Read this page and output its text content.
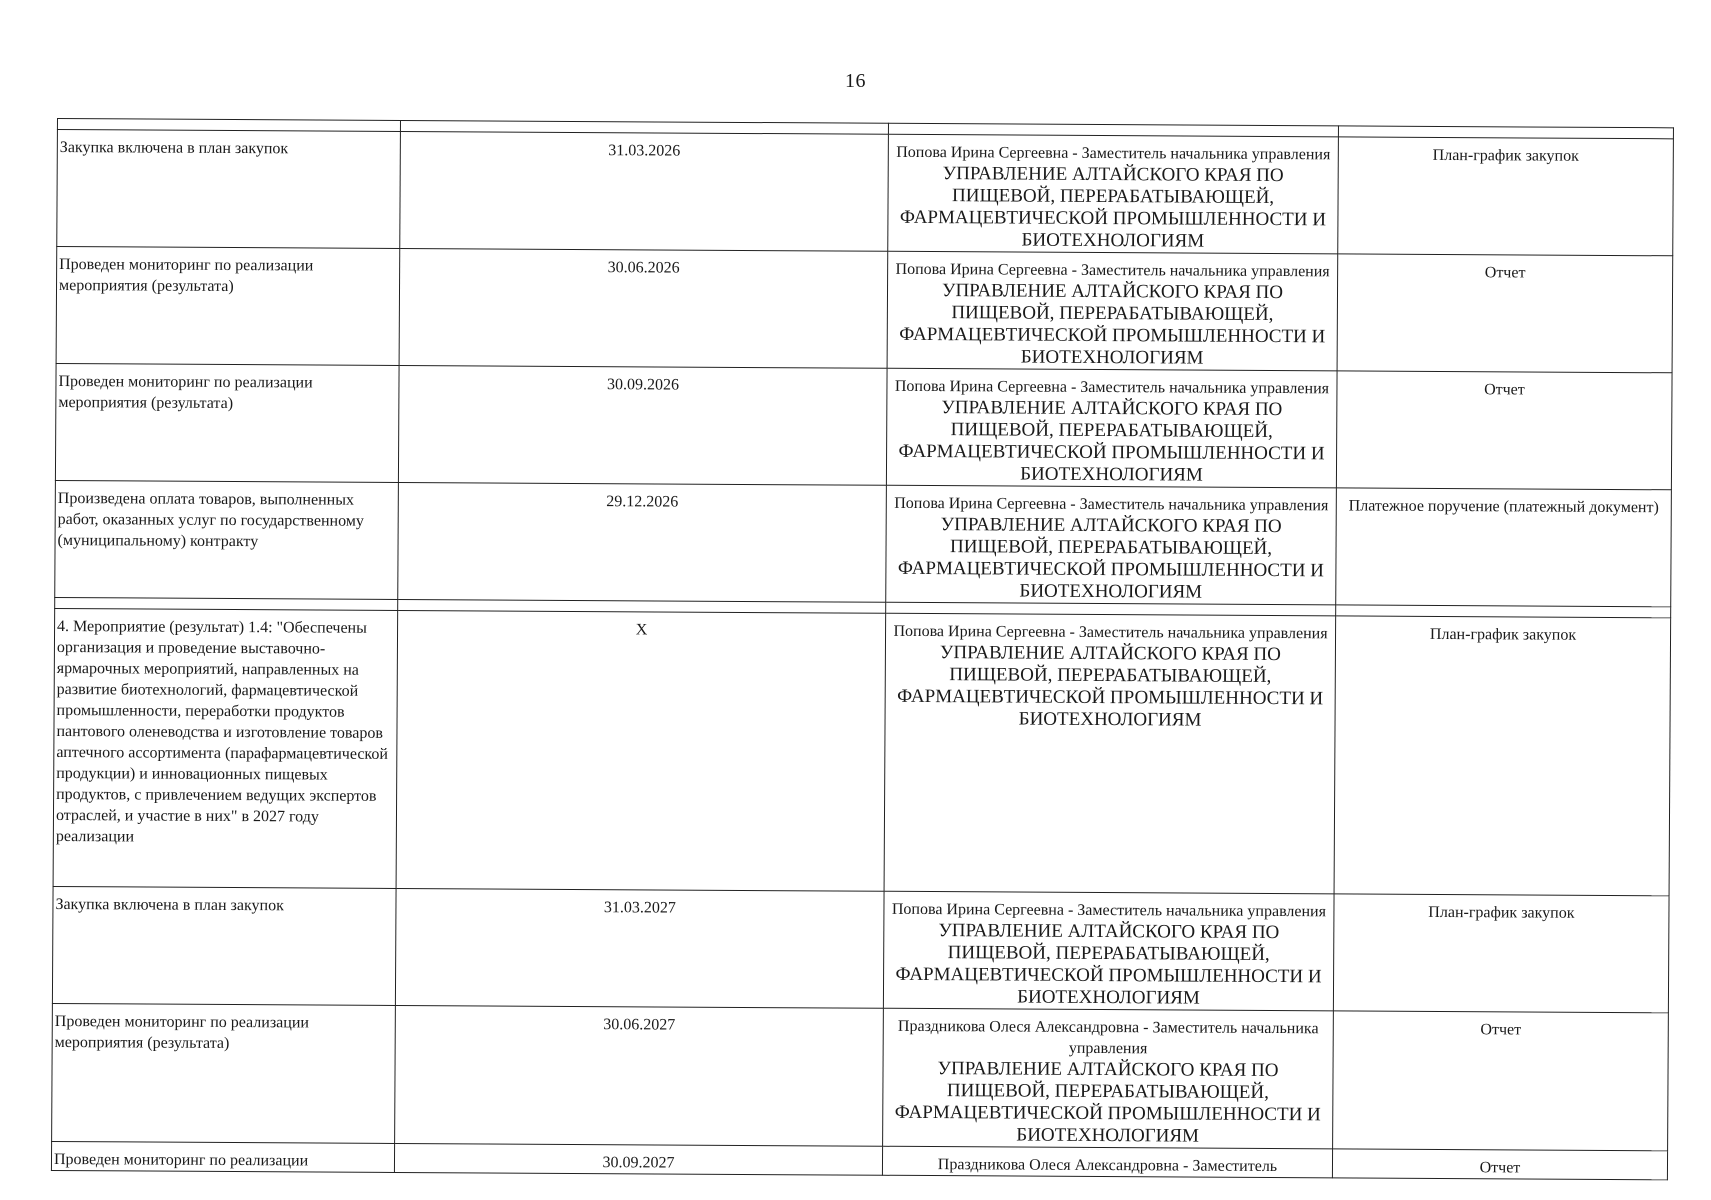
16

Закупка включена в план закупок	31.03.2026	Попова Ирина Сергеевна - Заместитель начальника управления
УПРАВЛЕНИЕ АЛТАЙСКОГО КРАЯ ПО ПИЩЕВОЙ, ПЕРЕРАБАТЫВАЮЩЕЙ, ФАРМАЦЕВТИЧЕСКОЙ ПРОМЫШЛЕННОСТИ И БИОТЕХНОЛОГИЯМ	План-график закупок
Проведен мониторинг по реализации мероприятия (результата)	30.06.2026	Попова Ирина Сергеевна - Заместитель начальника управления
УПРАВЛЕНИЕ АЛТАЙСКОГО КРАЯ ПО ПИЩЕВОЙ, ПЕРЕРАБАТЫВАЮЩЕЙ, ФАРМАЦЕВТИЧЕСКОЙ ПРОМЫШЛЕННОСТИ И БИОТЕХНОЛОГИЯМ	Отчет
Проведен мониторинг по реализации мероприятия (результата)	30.09.2026	Попова Ирина Сергеевна - Заместитель начальника управления
УПРАВЛЕНИЕ АЛТАЙСКОГО КРАЯ ПО ПИЩЕВОЙ, ПЕРЕРАБАТЫВАЮЩЕЙ, ФАРМАЦЕВТИЧЕСКОЙ ПРОМЫШЛЕННОСТИ И БИОТЕХНОЛОГИЯМ	Отчет
Произведена оплата товаров, выполненных работ, оказанных услуг по государственному (муниципальному) контракту	29.12.2026	Попова Ирина Сергеевна - Заместитель начальника управления
УПРАВЛЕНИЕ АЛТАЙСКОГО КРАЯ ПО ПИЩЕВОЙ, ПЕРЕРАБАТЫВАЮЩЕЙ, ФАРМАЦЕВТИЧЕСКОЙ ПРОМЫШЛЕННОСТИ И БИОТЕХНОЛОГИЯМ	Платежное поручение (платежный документ)

4. Мероприятие (результат) 1.4: "Обеспечены организация и проведение выставочно-ярмарочных мероприятий, направленных на развитие биотехнологий, фармацевтической промышленности, переработки продуктов пантового оленеводства и изготовление товаров аптечного ассортимента (парафармацевтической продукции) и инновационных пищевых продуктов, с привлечением ведущих экспертов отраслей, и участие в них" в 2027 году реализации	X	Попова Ирина Сергеевна - Заместитель начальника управления
УПРАВЛЕНИЕ АЛТАЙСКОГО КРАЯ ПО ПИЩЕВОЙ, ПЕРЕРАБАТЫВАЮЩЕЙ, ФАРМАЦЕВТИЧЕСКОЙ ПРОМЫШЛЕННОСТИ И БИОТЕХНОЛОГИЯМ	План-график закупок
Закупка включена в план закупок	31.03.2027	Попова Ирина Сергеевна - Заместитель начальника управления
УПРАВЛЕНИЕ АЛТАЙСКОГО КРАЯ ПО ПИЩЕВОЙ, ПЕРЕРАБАТЫВАЮЩЕЙ, ФАРМАЦЕВТИЧЕСКОЙ ПРОМЫШЛЕННОСТИ И БИОТЕХНОЛОГИЯМ	План-график закупок
Проведен мониторинг по реализации мероприятия (результата)	30.06.2027	Праздникова Олеся Александровна - Заместитель начальника управления
УПРАВЛЕНИЕ АЛТАЙСКОГО КРАЯ ПО ПИЩЕВОЙ, ПЕРЕРАБАТЫВАЮЩЕЙ, ФАРМАЦЕВТИЧЕСКОЙ ПРОМЫШЛЕННОСТИ И БИОТЕХНОЛОГИЯМ	Отчет
Проведен мониторинг по реализации	30.09.2027	Праздникова Олеся Александровна - Заместитель	Отчет
